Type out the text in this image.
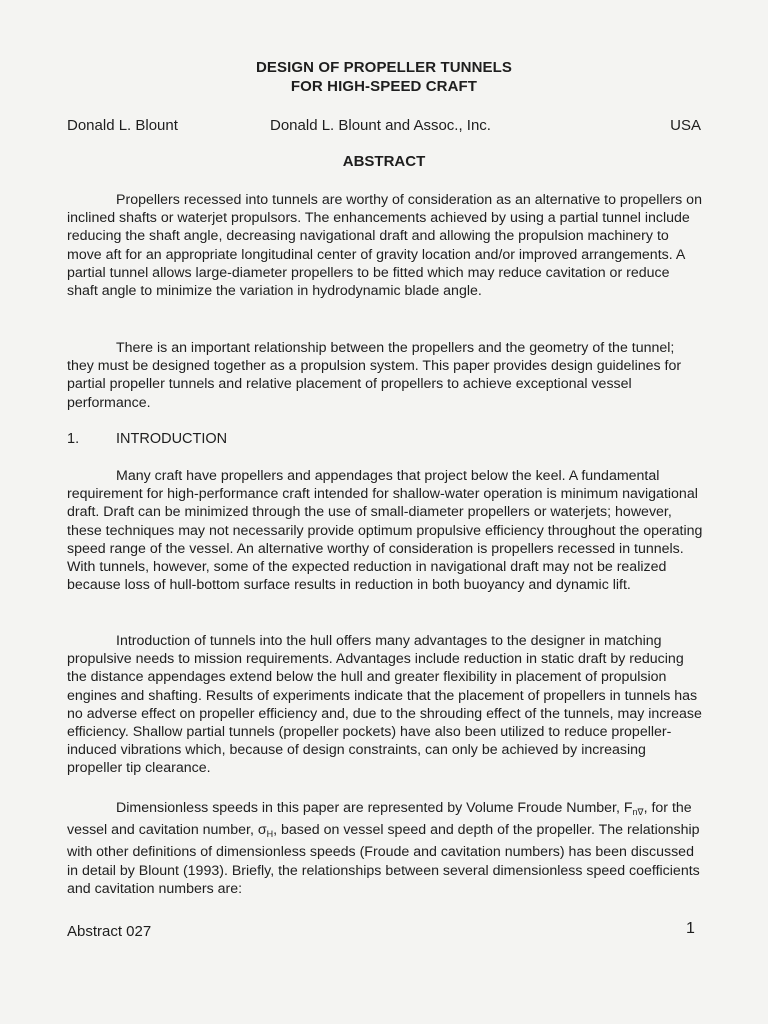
DESIGN OF PROPELLER TUNNELS
FOR HIGH-SPEED CRAFT
Donald L. Blount	Donald L. Blount and Assoc., Inc.	USA
ABSTRACT

Propellers recessed into tunnels are worthy of consideration as an alternative to propellers on inclined shafts or waterjet propulsors. The enhancements achieved by using a partial tunnel include reducing the shaft angle, decreasing navigational draft and allowing the propulsion machinery to move aft for an appropriate longitudinal center of gravity location and/or improved arrangements. A partial tunnel allows large-diameter propellers to be fitted which may reduce cavitation or reduce shaft angle to minimize the variation in hydrodynamic blade angle.

There is an important relationship between the propellers and the geometry of the tunnel; they must be designed together as a propulsion system. This paper provides design guidelines for partial propeller tunnels and relative placement of propellers to achieve exceptional vessel performance.

1.	INTRODUCTION

Many craft have propellers and appendages that project below the keel. A fundamental requirement for high-performance craft intended for shallow-water operation is minimum navigational draft. Draft can be minimized through the use of small-diameter propellers or waterjets; however, these techniques may not necessarily provide optimum propulsive efficiency throughout the operating speed range of the vessel. An alternative worthy of consideration is propellers recessed in tunnels. With tunnels, however, some of the expected reduction in navigational draft may not be realized because loss of hull-bottom surface results in reduction in both buoyancy and dynamic lift.

Introduction of tunnels into the hull offers many advantages to the designer in matching propulsive needs to mission requirements. Advantages include reduction in static draft by reducing the distance appendages extend below the hull and greater flexibility in placement of propulsion engines and shafting. Results of experiments indicate that the placement of propellers in tunnels has no adverse effect on propeller efficiency and, due to the shrouding effect of the tunnels, may increase efficiency. Shallow partial tunnels (propeller pockets) have also been utilized to reduce propeller-induced vibrations which, because of design constraints, can only be achieved by increasing propeller tip clearance.

Dimensionless speeds in this paper are represented by Volume Froude Number, $F_{n\nabla}$, for the vessel and cavitation number, $\sigma_H$, based on vessel speed and depth of the propeller. The relationship with other definitions of dimensionless speeds (Froude and cavitation numbers) has been discussed in detail by Blount (1993). Briefly, the relationships between several dimensionless speed coefficients and cavitation numbers are:

Abstract 027	1
